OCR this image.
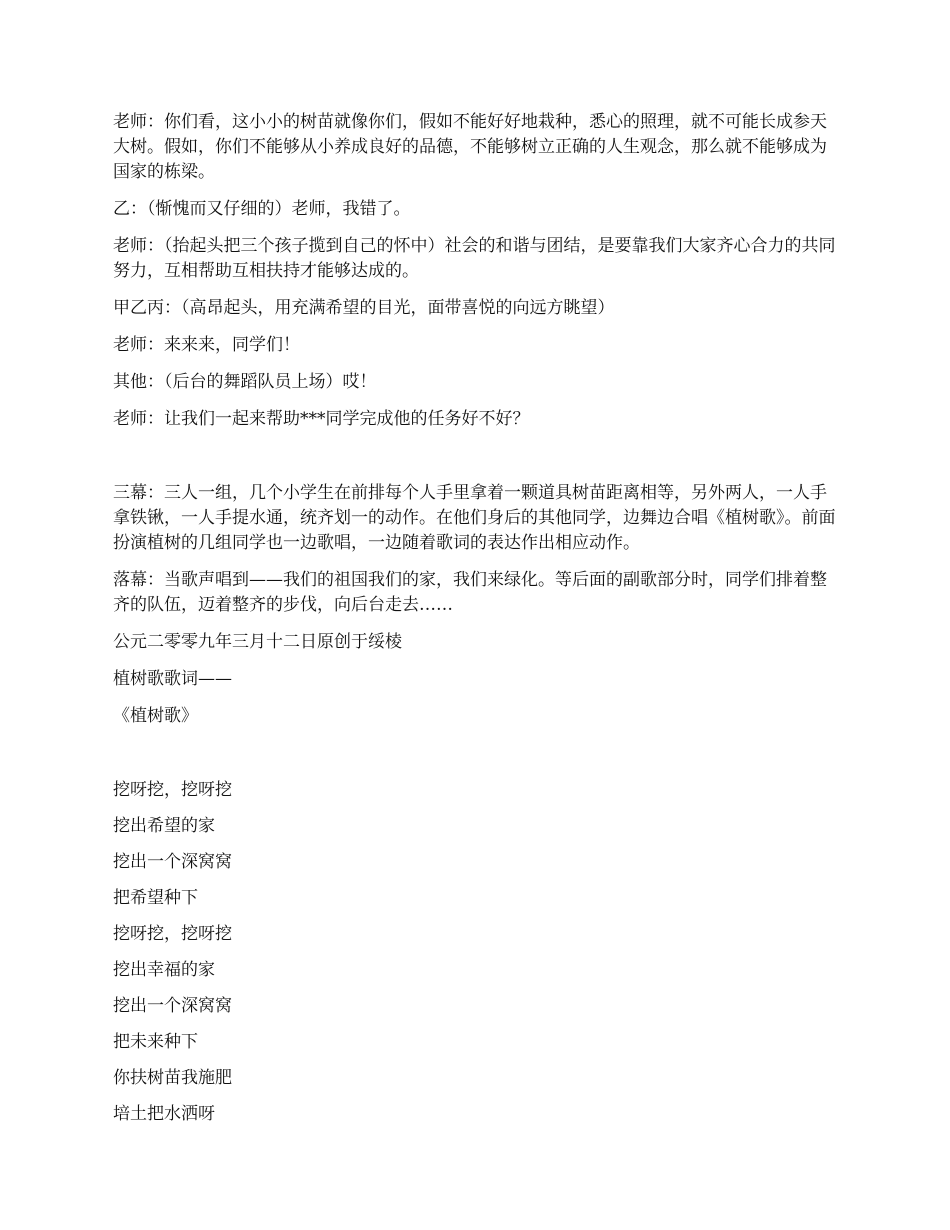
老师：你们看，这小小的树苗就像你们，假如不能好好地栽种，悉心的照理，就不可能长成参天大树。假如，你们不能够从小养成良好的品德，不能够树立正确的人生观念，那么就不能够成为国家的栋梁。

乙：（惭愧而又仔细的）老师，我错了。

老师：（抬起头把三个孩子揽到自己的怀中）社会的和谐与团结，是要靠我们大家齐心合力的共同努力，互相帮助互相扶持才能够达成的。

甲乙丙：（高昂起头，用充满希望的目光，面带喜悦的向远方眺望）

老师：来来来，同学们！

其他：（后台的舞蹈队员上场）哎！

老师：让我们一起来帮助***同学完成他的任务好不好？

三幕：三人一组，几个小学生在前排每个人手里拿着一颗道具树苗距离相等，另外两人，一人手拿铁锹，一人手提水通，统齐划一的动作。在他们身后的其他同学，边舞边合唱《植树歌》。前面扮演植树的几组同学也一边歌唱，一边随着歌词的表达作出相应动作。

落幕：当歌声唱到——我们的祖国我们的家，我们来绿化。等后面的副歌部分时，同学们排着整齐的队伍，迈着整齐的步伐，向后台走去……

公元二零零九年三月十二日原创于绥棱

植树歌歌词——

《植树歌》

挖呀挖，挖呀挖

挖出希望的家

挖出一个深窝窝

把希望种下

挖呀挖，挖呀挖

挖出幸福的家

挖出一个深窝窝

把未来种下

你扶树苗我施肥

培土把水洒呀
